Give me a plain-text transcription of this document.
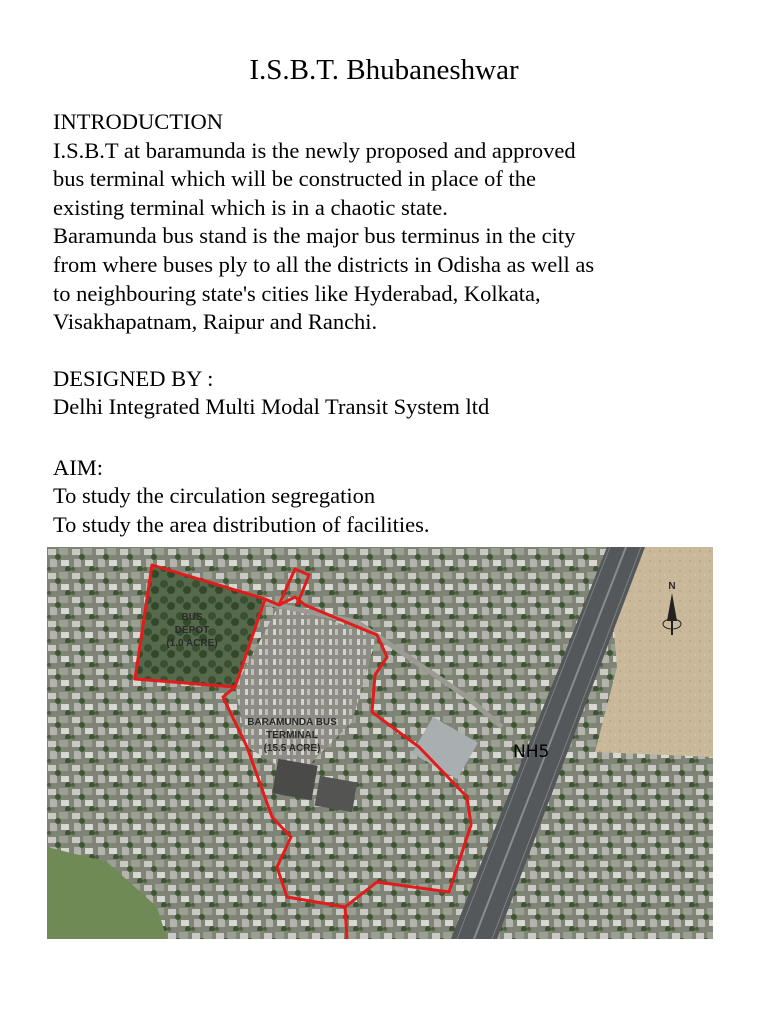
I.S.B.T. Bhubaneshwar
INTRODUCTION
I.S.B.T at baramunda is the newly proposed and approved
bus terminal which will be constructed in place of the
existing terminal which is in a chaotic state.
Baramunda bus stand is the major bus terminus in the city
from where buses ply to all the districts in Odisha as well as
to neighbouring state's cities like Hyderabad, Kolkata,
Visakhapatnam, Raipur and Ranchi.
DESIGNED BY :
Delhi Integrated Multi Modal Transit System ltd
AIM:
To study the circulation segregation
To study the area distribution of facilities.
BUS
DEPOT
(1.0 ACRE)
BARAMUNDA BUS
TERMINAL
(15.5 ACRE)	NH5
N
